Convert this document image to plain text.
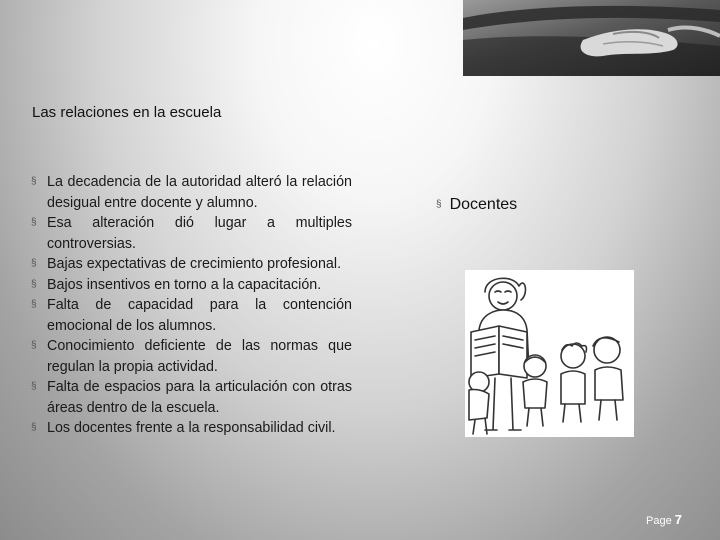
Las relaciones en la escuela
§ La decadencia de la autoridad alteró la relación desigual entre docente y alumno.
§ Esa alteración dió lugar a multiples controversias.
§ Bajas expectativas de crecimiento profesional.
§ Bajos insentivos en torno a la capacitación.
§ Falta de capacidad para la contención emocional de los alumnos.
§ Conocimiento deficiente de las normas que regulan la propia actividad.
§ Falta de espacios para la articulación con otras áreas dentro de la escuela.
§ Los docentes frente a la responsabilidad civil.
§ Docentes
Page 7
